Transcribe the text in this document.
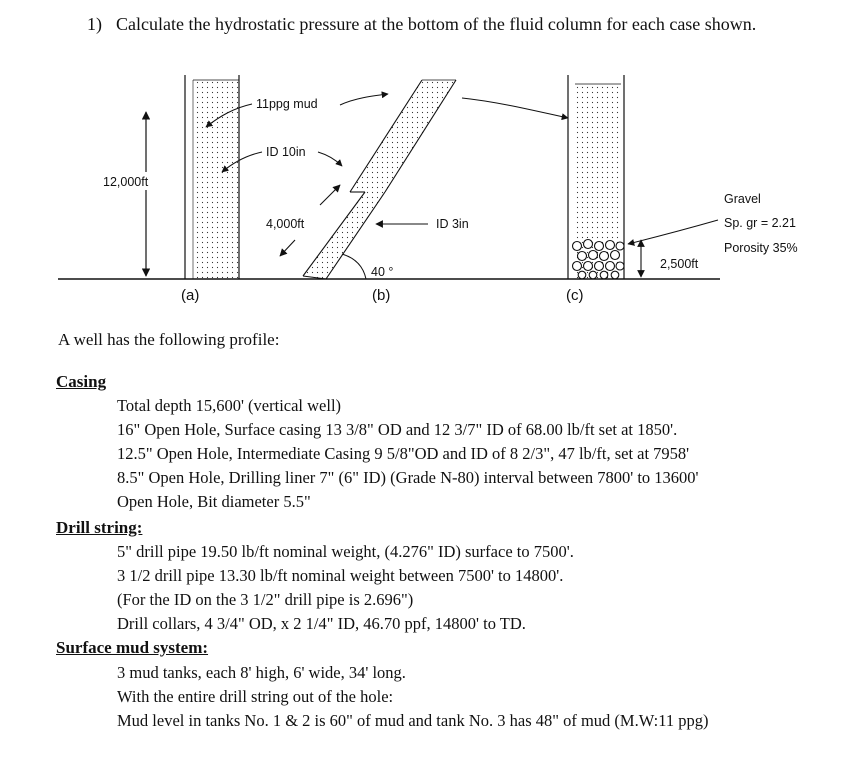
1) Calculate the hydrostatic pressure at the bottom of the fluid column for each case shown.
12,000ft
11ppg mud
ID 10in
4,000ft	ID 3in
40 °
2,500ft
Gravel
Sp. gr = 2.21
Porosity 35%
(a)	(b)	(c)
A well has the following profile:
Casing
Total depth 15,600' (vertical well)
16" Open Hole, Surface casing 13 3/8" OD and 12 3/7" ID of 68.00 lb/ft set at 1850'.
12.5" Open Hole, Intermediate Casing 9 5/8"OD and ID of 8 2/3", 47 lb/ft, set at 7958'
8.5" Open Hole, Drilling liner 7" (6" ID) (Grade N-80) interval between 7800' to 13600'
Open Hole, Bit diameter 5.5"
Drill string:
5" drill pipe 19.50 lb/ft nominal weight, (4.276" ID) surface to 7500'.
3 1/2 drill pipe 13.30 lb/ft nominal weight between 7500' to 14800'.
(For the ID on the 3 1/2" drill pipe is 2.696")
Drill collars, 4 3/4" OD, x 2 1/4" ID, 46.70 ppf, 14800' to TD.
Surface mud system:
3 mud tanks, each 8' high, 6' wide, 34' long.
With the entire drill string out of the hole:
Mud level in tanks No. 1 & 2 is 60" of mud and tank No. 3 has 48" of mud (M.W:11 ppg)
